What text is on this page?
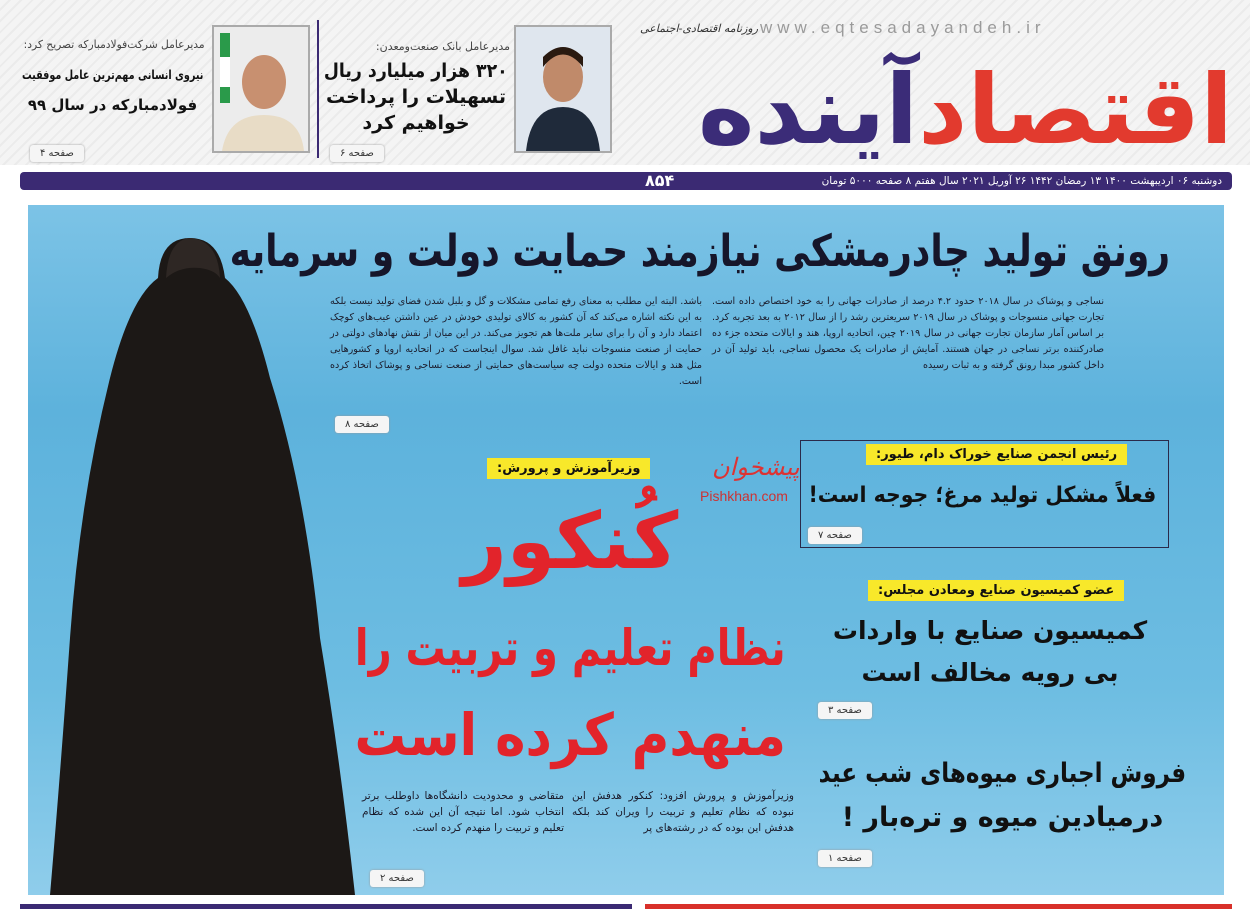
www.eqtesadayandeh.ir
روزنامه اقتصادی-اجتماعی
اقتصاد
آینده
مدیرعامل بانک صنعت‌ومعدن:
۳۲۰ هزار میلیارد ریال
تسهیلات را پرداخت
خواهیم کرد
صفحه ۶
مدیرعامل شرکت‌فولادمبارکه تصریح کرد:
نیروی انسانی مهم‌ترین عامل موفقیت
فولادمبارکه در سال ۹۹
صفحه ۴
دوشنبه ۰۶ اردیبهشت ۱۴۰۰ ۱۳ رمضان ۱۴۴۲ ۲۶ آوریل ۲۰۲۱ سال هفتم ۸ صفحه ۵۰۰۰ تومان
۸۵۴
رونق تولید چادرمشکی نیازمند حمایت دولت و سرمایه
نساجی و پوشاک در سال ۲۰۱۸ حدود ۴.۲ درصد از صادرات جهانی را به خود اختصاص داده است. تجارت جهانی منسوجات و پوشاک در سال ۲۰۱۹ سریعترین رشد را از سال ۲۰۱۲ به بعد تجربه کرد. بر اساس آمار سازمان تجارت جهانی در سال ۲۰۱۹ چین، اتحادیه اروپا، هند و ایالات متحده جزء ده صادرکننده برتر نساجی در جهان هستند. آمایش از صادرات یک محصول نساجی، باید تولید آن در داخل کشور مبدا رونق گرفته و به ثبات رسیده
باشد. البته این مطلب به معنای رفع تمامی مشکلات و گل و بلبل شدن فضای تولید نیست بلکه به این نکته اشاره می‌کند که آن کشور به کالای تولیدی خودش در عین داشتن عیب‌های کوچک اعتماد دارد و آن را برای سایر ملت‌ها هم تجویز می‌کند. در این میان از نقش نهادهای دولتی در حمایت از صنعت منسوجات نباید غافل شد. سوال اینجاست که در اتحادیه اروپا و کشورهایی مثل هند و ایالات متحده دولت چه سیاست‌های حمایتی از صنعت نساجی و پوشاک اتخاذ کرده است.
صفحه ۸
وزیرآموزش و پرورش:
کُنکور
نظام تعلیم و تربیت را
منهدم کرده است
وزیرآموزش و پرورش افزود: کنکور هدفش این نبوده که نظام تعلیم و تربیت را ویران کند بلکه هدفش این بوده که در رشته‌های پر
متقاضی و محدودیت دانشگاه‌ها داوطلب برتر انتخاب شود. اما نتیجه آن این شده که نظام تعلیم و تربیت را منهدم کرده است.
صفحه ۲
پیشخوان
Pishkhan.com
رئیس انجمن صنایع خوراک دام، طیور:
فعلاً مشکل تولید مرغ؛ جوجه است!
صفحه ۷
عضو کمیسیون صنایع ومعادن مجلس:
کمیسیون صنایع با واردات
بی رویه مخالف است
صفحه ۳
فروش اجباری میوه‌های شب عید
درمیادین میوه و تره‌بار !
صفحه ۱
